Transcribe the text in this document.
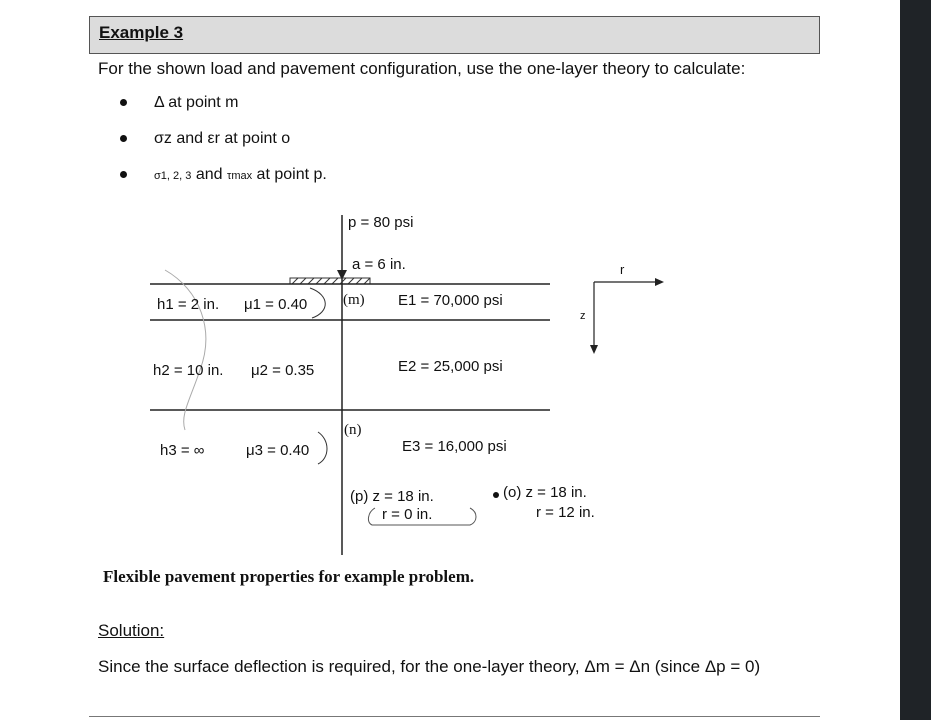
Example 3
For the shown load and pavement configuration, use the one-layer theory to calculate:
Δ at point m
σz and εr at point o
σ1, 2, 3 and τmax at point p.
p = 80 psi
a = 6 in.	r
z
h1 = 2 in. μ1 = 0.40 (m) E1 = 70,000 psi
h2 = 10 in. μ2 = 0.35	E2 = 25,000 psi
(n)
h3 = ∞	μ3 = 0.40	E3 = 16,000 psi
(p) z = 18 in.
r = 0 in.
(o) z = 18 in.
r = 12 in.
Flexible pavement properties for example problem.
Solution:
Since the surface deflection is required, for the one-layer theory, Δm = Δn (since Δp = 0)
